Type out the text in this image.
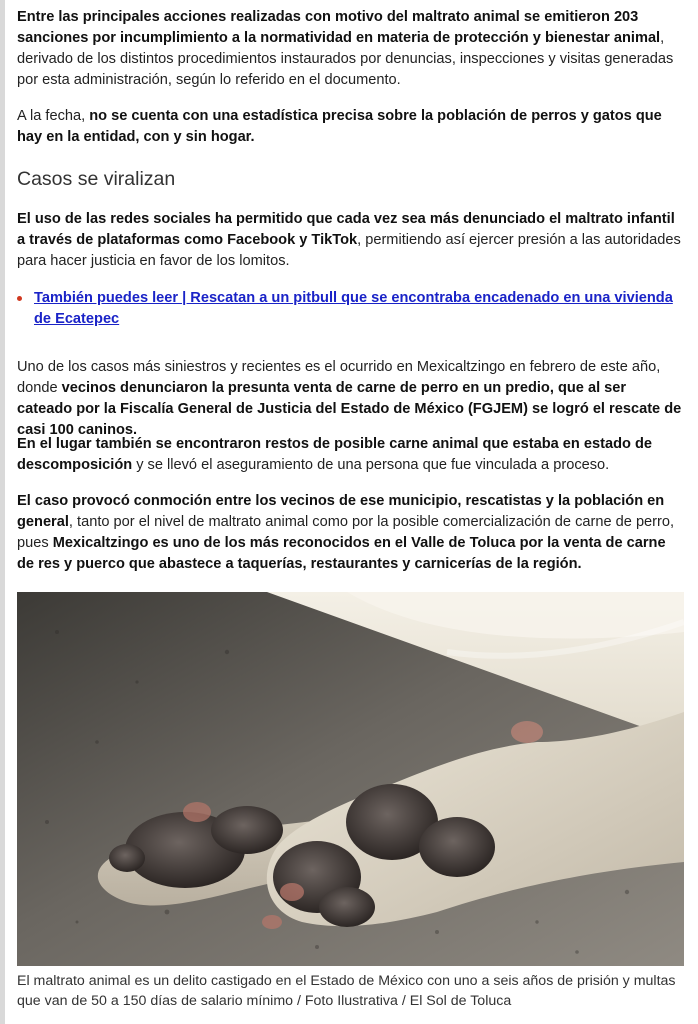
Entre las principales acciones realizadas con motivo del maltrato animal se emitieron 203 sanciones por incumplimiento a la normatividad en materia de protección y bienestar animal, derivado de los distintos procedimientos instaurados por denuncias, inspecciones y visitas generadas por esta administración, según lo referido en el documento.

A la fecha, no se cuenta con una estadística precisa sobre la población de perros y gatos que hay en la entidad, con y sin hogar.

Casos se viralizan

El uso de las redes sociales ha permitido que cada vez sea más denunciado el maltrato infantil a través de plataformas como Facebook y TikTok, permitiendo así ejercer presión a las autoridades para hacer justicia en favor de los lomitos.

También puedes leer | Rescatan a un pitbull que se encontraba encadenado en una vivienda de Ecatepec

Uno de los casos más siniestros y recientes es el ocurrido en Mexicaltzingo en febrero de este año, donde vecinos denunciaron la presunta venta de carne de perro en un predio, que al ser cateado por la Fiscalía General de Justicia del Estado de México (FGJEM) se logró el rescate de casi 100 caninos.

En el lugar también se encontraron restos de posible carne animal que estaba en estado de descomposición y se llevó el aseguramiento de una persona que fue vinculada a proceso.

El caso provocó conmoción entre los vecinos de ese municipio, rescatistas y la población en general, tanto por el nivel de maltrato animal como por la posible comercialización de carne de perro, pues Mexicaltzingo es uno de los más reconocidos en el Valle de Toluca por la venta de carne de res y puerco que abastece a taquerías, restaurantes y carnicerías de la región.

El maltrato animal es un delito castigado en el Estado de México con uno a seis años de prisión y multas que van de 50 a 150 días de salario mínimo / Foto Ilustrativa / El Sol de Toluca
